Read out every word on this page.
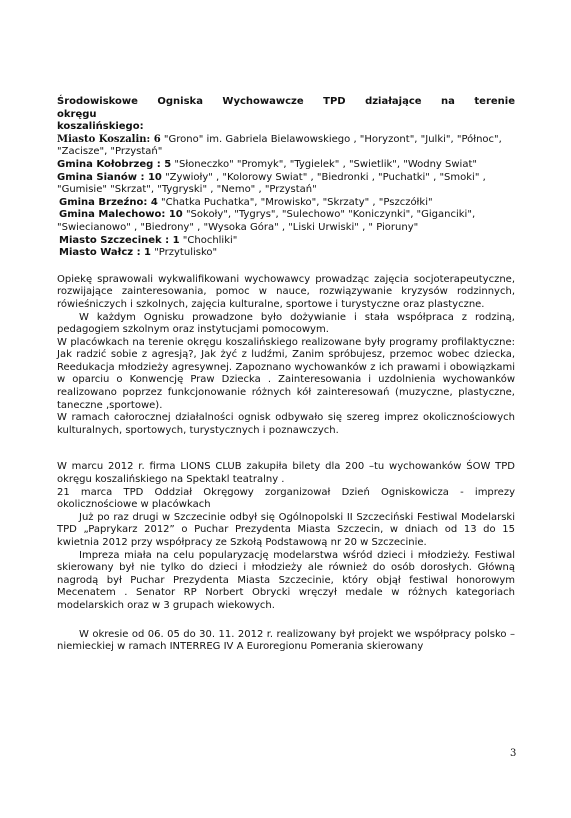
Środowiskowe Ogniska Wychowawcze TPD działające na terenie okręgu
koszalińskiego:

Miasto Koszalin: 6 "Grono" im. Gabriela Bielawowskiego , "Horyzont", "Julki", "Północ",

"Zacisze", "Przystań"

Gmina Kołobrzeg : 5 "Słoneczko" "Promyk", "Tygielek" , "Świetlik", "Wodny Świat"

Gmina Sianów : 10 "Żywioły" , "Kolorowy Świat" , "Biedronki , "Puchatki" , "Smoki" ,

"Gumisie" "Skrzat", "Tygryski" , "Nemo" , "Przystań"

Gmina Brzeźno: 4 "Chatka Puchatka", "Mrowisko", "Skrzaty" , "Pszczółki"

Gmina Malechowo: 10 "Sokoły", "Tygrys", "Sulechowo" "Koniczynki", "Giganciki",

"Świecianowo" , "Biedrony" , "Wysoka Góra" , "Liski Urwiski" , " Pioruny"

Miasto Szczecinek : 1 "Chochliki"

Miasto Wałcz : 1 "Przytulisko"

Opiekę sprawowali wykwalifikowani wychowawcy prowadząc zajęcia socjoterapeutyczne, rozwijające zainteresowania, pomoc w nauce, rozwiązywanie kryzysów rodzinnych, rówieśniczych i szkolnych, zajęcia kulturalne, sportowe i turystyczne oraz plastyczne.

W każdym Ognisku prowadzone było dożywianie i stała współpraca z rodziną, pedagogiem szkolnym oraz instytucjami pomocowym.

W placówkach na terenie okręgu koszalińskiego realizowane były programy profilaktyczne: Jak radzić sobie z agresją?, Jak żyć z ludźmi, Zanim spróbujesz, przemoc wobec dziecka, Reedukacja młodzieży agresywnej. Zapoznano wychowanków z ich prawami i obowiązkami w oparciu o Konwencję Praw Dziecka . Zainteresowania i uzdolnienia wychowanków realizowano poprzez funkcjonowanie różnych kół zainteresowań (muzyczne, plastyczne, taneczne ,sportowe).

W ramach całorocznej działalności ognisk odbywało się szereg imprez okolicznościowych kulturalnych, sportowych, turystycznych i poznawczych.

W marcu 2012 r. firma LIONS CLUB zakupiła bilety dla 200 –tu wychowanków ŚOW TPD okręgu koszalińskiego na Spektakl teatralny .

21 marca TPD Oddział Okręgowy zorganizował Dzień Ogniskowicza - imprezy okolicznościowe w placówkach

Już po raz drugi w Szczecinie odbył się Ogólnopolski II Szczeciński Festiwal Modelarski TPD „Paprykarz 2012” o Puchar Prezydenta Miasta Szczecin, w dniach od 13 do 15 kwietnia 2012 przy współpracy ze Szkołą Podstawową nr 20 w Szczecinie.

Impreza miała na celu popularyzację modelarstwa wśród dzieci i młodzieży. Festiwal skierowany był nie tylko do dzieci i młodzieży ale również do osób dorosłych. Główną nagrodą był Puchar Prezydenta Miasta Szczecinie, który objął festiwal honorowym Mecenatem . Senator RP Norbert Obrycki wręczył medale w różnych kategoriach modelarskich oraz w 3 grupach wiekowych.

W okresie od 06. 05 do 30. 11. 2012 r. realizowany był projekt we współpracy polsko – niemieckiej w ramach INTERREG IV A Euroregionu Pomerania skierowany

3
